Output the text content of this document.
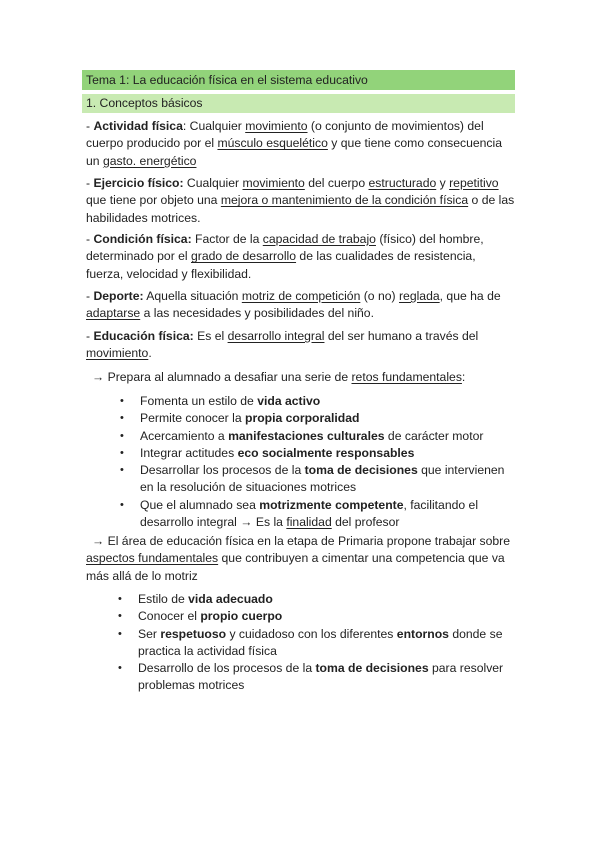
Tema 1: La educación física en el sistema educativo
1. Conceptos básicos

- Actividad física: Cualquier movimiento (o conjunto de movimientos) del cuerpo producido por el músculo esquelético y que tiene como consecuencia un gasto. energético

- Ejercicio físico: Cualquier movimiento del cuerpo estructurado y repetitivo que tiene por objeto una mejora o mantenimiento de la condición física o de las habilidades motrices.

- Condición física: Factor de la capacidad de trabajo (físico) del hombre, determinado por el grado de desarrollo de las cualidades de resistencia, fuerza, velocidad y flexibilidad.

- Deporte: Aquella situación motriz de competición (o no) reglada, que ha de adaptarse a las necesidades y posibilidades del niño.

- Educación física: Es el desarrollo integral del ser humano a través del movimiento.

→ Prepara al alumnado a desafiar una serie de retos fundamentales:

• Fomenta un estilo de vida activo
• Permite conocer la propia corporalidad
• Acercamiento a manifestaciones culturales de carácter motor
• Integrar actitudes eco socialmente responsables
• Desarrollar los procesos de la toma de decisiones que intervienen en la resolución de situaciones motrices
• Que el alumnado sea motrizmente competente, facilitando el desarrollo integral → Es la finalidad del profesor

→ El área de educación física en la etapa de Primaria propone trabajar sobre aspectos fundamentales que contribuyen a cimentar una competencia que va más allá de lo motriz

• Estilo de vida adecuado
• Conocer el propio cuerpo
• Ser respetuoso y cuidadoso con los diferentes entornos donde se practica la actividad física
• Desarrollo de los procesos de la toma de decisiones para resolver problemas motrices
